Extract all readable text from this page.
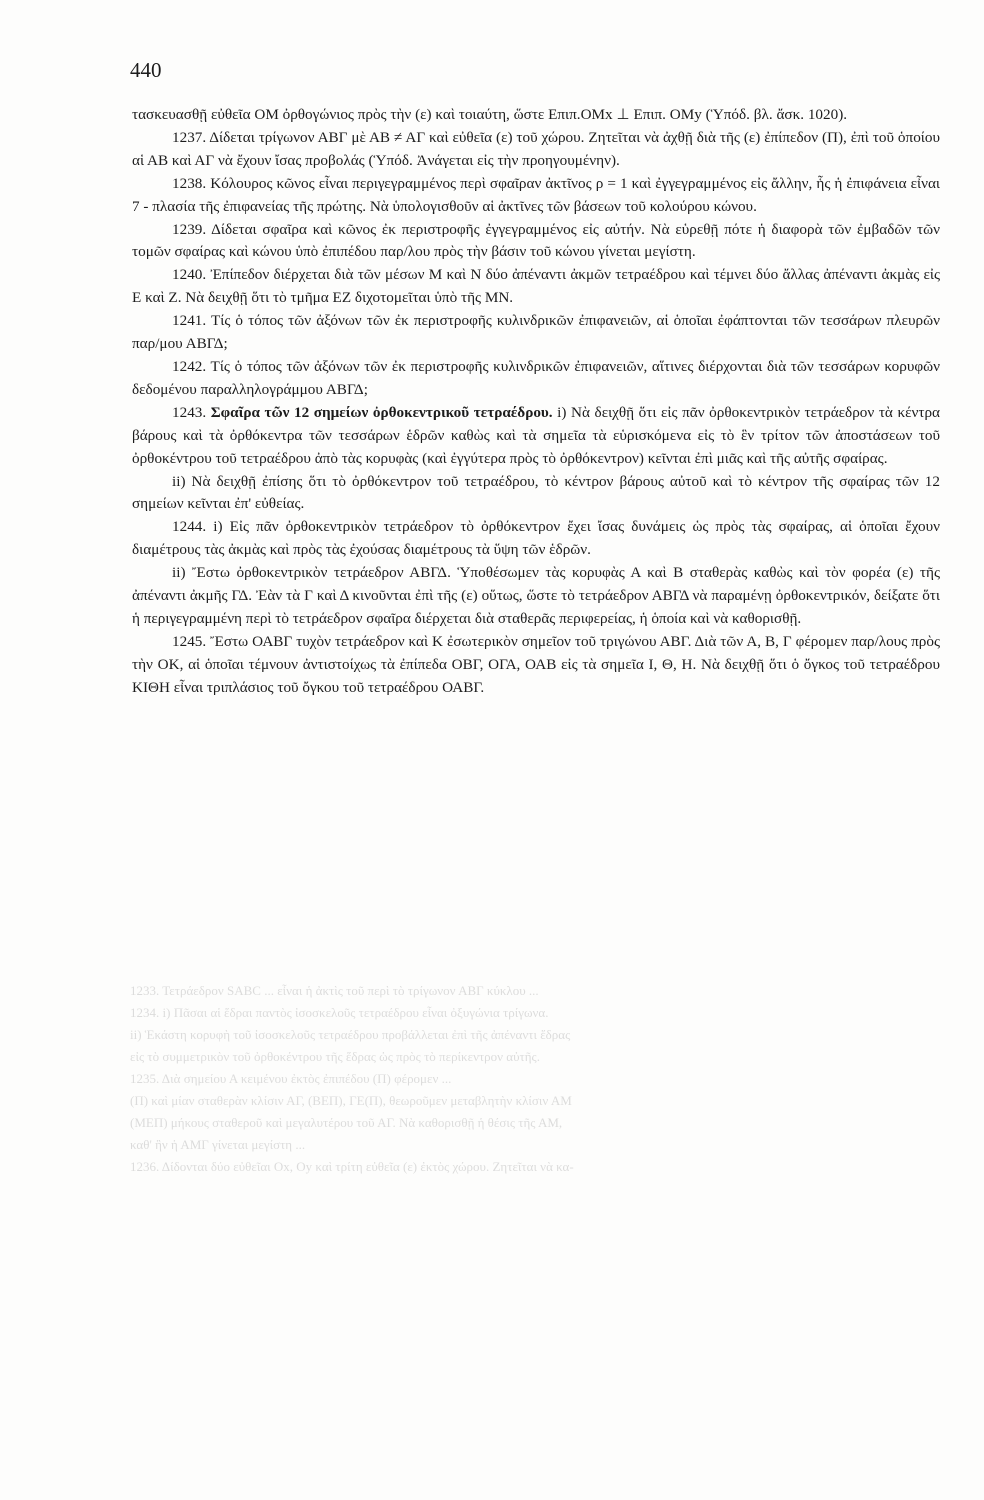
1233. Τετράεδρον SABC ... εἶναι ἡ ἀκτὶς τοῦ περὶ τὸ τρίγωνον ΑΒΓ κύκλου ...
1234. i) Πᾶσαι αἱ ἕδραι παντὸς ἰσοσκελοῦς τετραέδρου εἶναι ὀξυγώνια τρίγωνα.
ii) Ἑκάστη κορυφὴ τοῦ ἰσοσκελοῦς τετραέδρου προβάλλεται ἐπὶ τῆς ἀπέναντι ἕδρας
εἰς τὸ συμμετρικὸν τοῦ ὀρθοκέντρου τῆς ἕδρας ὡς πρὸς τὸ περίκεντρον αὐτῆς.
1235. Διὰ σημείου Α κειμένου ἐκτὸς ἐπιπέδου (Π) φέρομεν ...
(Π) καὶ μίαν σταθερὰν κλίσιν ΑΓ, (ΒΕΠ), ΓΕ(Π), θεωροῦμεν μεταβλητὴν κλίσιν ΑΜ
(ΜΕΠ) μήκους σταθεροῦ καὶ μεγαλυτέρου τοῦ ΑΓ. Νὰ καθορισθῇ ἡ θέσις τῆς ΑΜ,
καθ' ἣν ἡ ΑΜΓ γίνεται μεγίστη ...
1236. Δίδονται δύο εὐθεῖαι Οx, Οy καὶ τρίτη εὐθεῖα (ε) ἐκτὸς χώρου. Ζητεῖται νὰ κα-
440

τασκευασθῇ εὐθεῖα ΟΜ ὀρθογώνιος πρὸς τὴν (ε) καὶ τοιαύτη, ὥστε Επιπ.ΟΜx ⊥ Επιπ. ΟΜy (Ὑπόδ. βλ. ἄσκ. 1020).

1237. Δίδεται τρίγωνον ΑΒΓ μὲ ΑΒ ≠ ΑΓ καὶ εὐθεῖα (ε) τοῦ χώρου. Ζητεῖται νὰ ἀχθῇ διὰ τῆς (ε) ἐπίπεδον (Π), ἐπὶ τοῦ ὁποίου αἱ ΑΒ καὶ ΑΓ νὰ ἔχουν ἴσας προβολάς (Ὑπόδ. Ἀνάγεται εἰς τὴν προηγουμένην).

1238. Κόλουρος κῶνος εἶναι περιγεγραμμένος περὶ σφαῖραν ἀκτῖνος ρ = 1 καὶ ἐγγεγραμμένος εἰς ἄλλην, ἧς ἡ ἐπιφάνεια εἶναι 7 - πλασία τῆς ἐπιφανείας τῆς πρώτης. Νὰ ὑπολογισθοῦν αἱ ἀκτῖνες τῶν βάσεων τοῦ κολούρου κώνου.

1239. Δίδεται σφαῖρα καὶ κῶνος ἐκ περιστροφῆς ἐγγεγραμμένος εἰς αὐτήν. Νὰ εὑρεθῇ πότε ἡ διαφορὰ τῶν ἐμβαδῶν τῶν τομῶν σφαίρας καὶ κώνου ὑπὸ ἐπιπέδου παρ/λου πρὸς τὴν βάσιν τοῦ κώνου γίνεται μεγίστη.

1240. Ἐπίπεδον διέρχεται διὰ τῶν μέσων Μ καὶ Ν δύο ἀπέναντι ἀκμῶν τετραέδρου καὶ τέμνει δύο ἄλλας ἀπέναντι ἀκμὰς εἰς Ε καὶ Ζ. Νὰ δειχθῇ ὅτι τὸ τμῆμα ΕΖ διχοτομεῖται ὑπὸ τῆς ΜΝ.

1241. Τίς ὁ τόπος τῶν ἀξόνων τῶν ἐκ περιστροφῆς κυλινδρικῶν ἐπιφανειῶν, αἱ ὁποῖαι ἐφάπτονται τῶν τεσσάρων πλευρῶν παρ/μου ΑΒΓΔ;

1242. Τίς ὁ τόπος τῶν ἀξόνων τῶν ἐκ περιστροφῆς κυλινδρικῶν ἐπιφανειῶν, αἵτινες διέρχονται διὰ τῶν τεσσάρων κορυφῶν δεδομένου παραλληλογράμμου ΑΒΓΔ;

1243. Σφαῖρα τῶν 12 σημείων ὀρθοκεντρικοῦ τετραέδρου. i) Νὰ δειχθῇ ὅτι εἰς πᾶν ὀρθοκεντρικὸν τετράεδρον τὰ κέντρα βάρους καὶ τὰ ὀρθόκεντρα τῶν τεσσάρων ἑδρῶν καθὼς καὶ τὰ σημεῖα τὰ εὑρισκόμενα εἰς τὸ ἓν τρίτον τῶν ἀποστάσεων τοῦ ὀρθοκέντρου τοῦ τετραέδρου ἀπὸ τὰς κορυφὰς (καὶ ἐγγύτερα πρὸς τὸ ὀρθόκεντρον) κεῖνται ἐπὶ μιᾶς καὶ τῆς αὐτῆς σφαίρας.

ii) Νὰ δειχθῇ ἐπίσης ὅτι τὸ ὀρθόκεντρον τοῦ τετραέδρου, τὸ κέντρον βάρους αὐτοῦ καὶ τὸ κέντρον τῆς σφαίρας τῶν 12 σημείων κεῖνται ἐπ' εὐθείας.

1244. i) Εἰς πᾶν ὀρθοκεντρικὸν τετράεδρον τὸ ὀρθόκεντρον ἔχει ἴσας δυνάμεις ὡς πρὸς τὰς σφαίρας, αἱ ὁποῖαι ἔχουν διαμέτρους τὰς ἀκμὰς καὶ πρὸς τὰς ἐχούσας διαμέτρους τὰ ὕψη τῶν ἑδρῶν.

ii) Ἔστω ὀρθοκεντρικὸν τετράεδρον ΑΒΓΔ. Ὑποθέσωμεν τὰς κορυφὰς Α καὶ Β σταθερὰς καθὼς καὶ τὸν φορέα (ε) τῆς ἀπέναντι ἀκμῆς ΓΔ. Ἐὰν τὰ Γ καὶ Δ κινοῦνται ἐπὶ τῆς (ε) οὕτως, ὥστε τὸ τετράεδρον ΑΒΓΔ νὰ παραμένῃ ὀρθοκεντρικόν, δείξατε ὅτι ἡ περιγεγραμμένη περὶ τὸ τετράεδρον σφαῖρα διέρχεται διὰ σταθερᾶς περιφερείας, ἡ ὁποία καὶ νὰ καθορισθῇ.

1245. Ἔστω ΟΑΒΓ τυχὸν τετράεδρον καὶ Κ ἐσωτερικὸν σημεῖον τοῦ τριγώνου ΑΒΓ. Διὰ τῶν Α, Β, Γ φέρομεν παρ/λους πρὸς τὴν ΟΚ, αἱ ὁποῖαι τέμνουν ἀντιστοίχως τὰ ἐπίπεδα ΟΒΓ, ΟΓΑ, ΟΑΒ εἰς τὰ σημεῖα Ι, Θ, Η. Νὰ δειχθῇ ὅτι ὁ ὄγκος τοῦ τετραέδρου ΚΙΘΗ εἶναι τριπλάσιος τοῦ ὄγκου τοῦ τετραέδρου ΟΑΒΓ.
